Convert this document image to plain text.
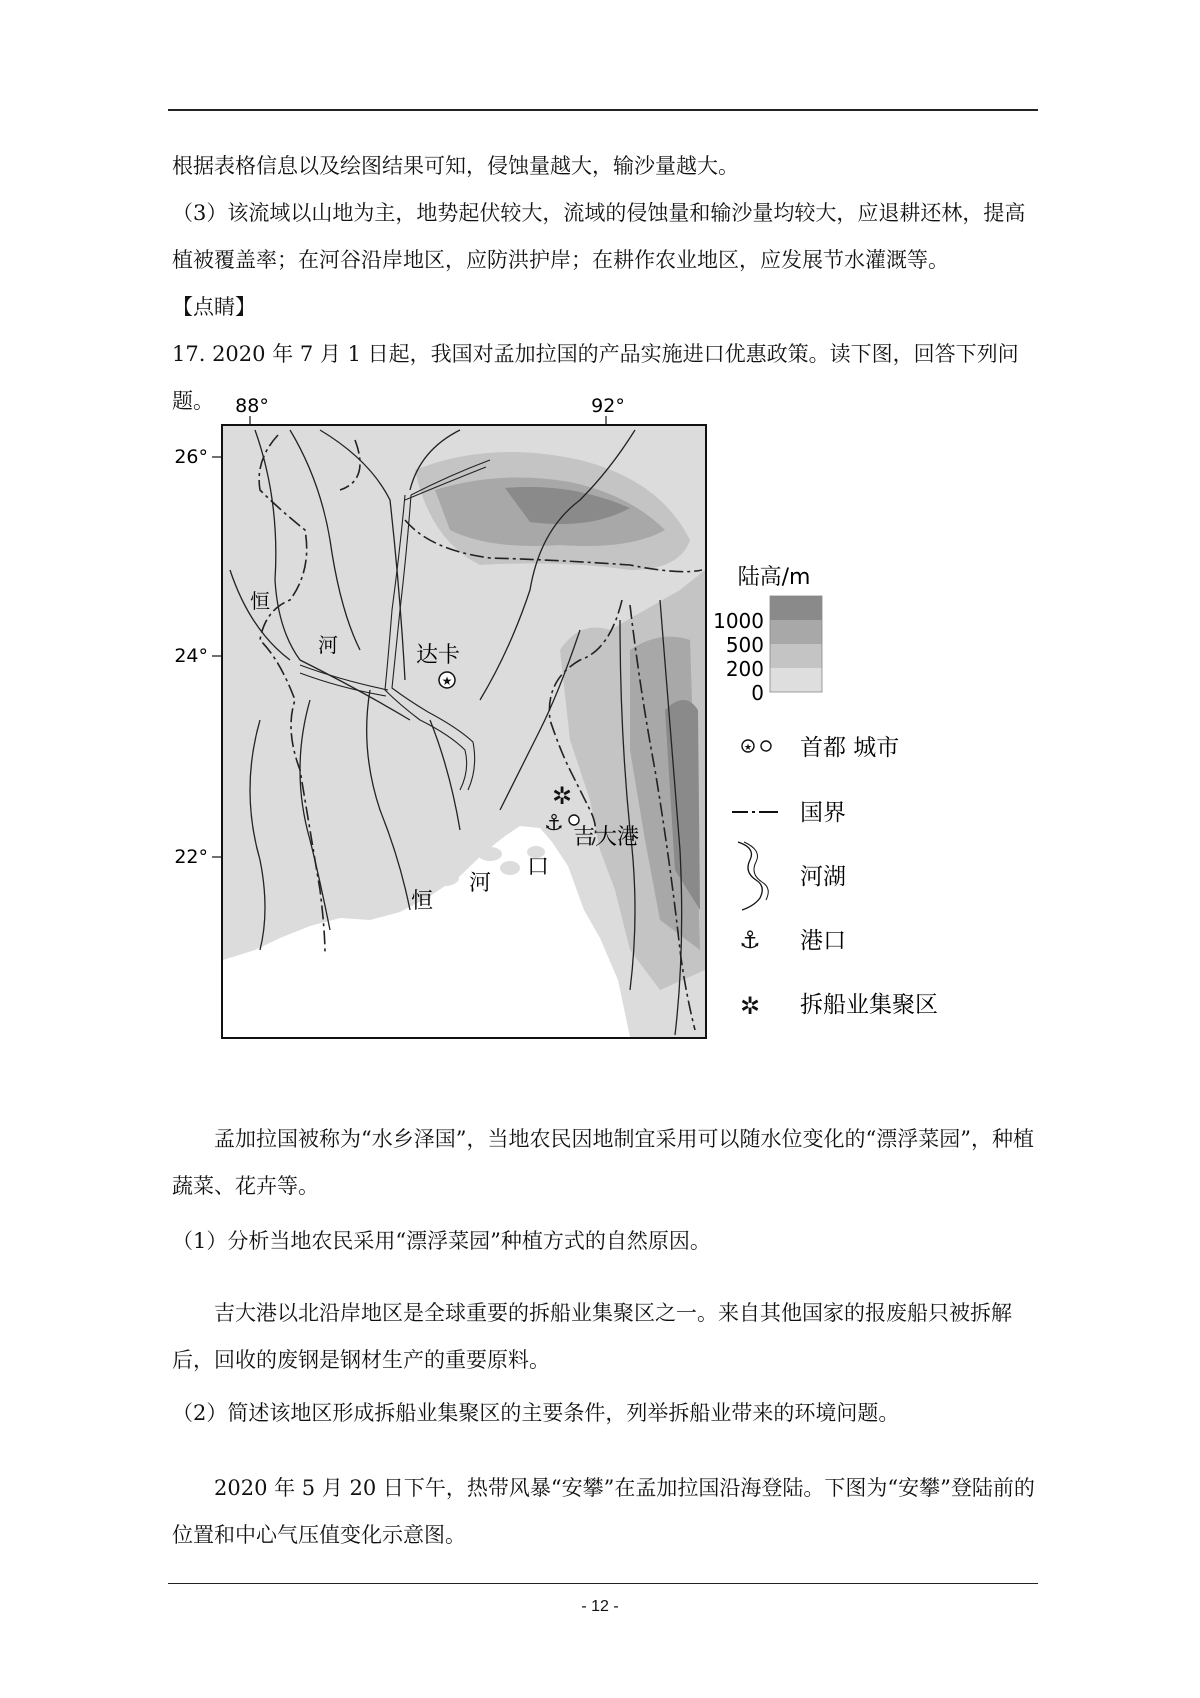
根据表格信息以及绘图结果可知，侵蚀量越大，输沙量越大。

（3）该流域以山地为主，地势起伏较大，流域的侵蚀量和输沙量均较大，应退耕还林，提高植被覆盖率；在河谷沿岸地区，应防洪护岸；在耕作农业地区，应发展节水灌溉等。

【点睛】

17. 2020 年 7 月 1 日起，我国对孟加拉国的产品实施进口优惠政策。读下图，回答下列问题。	88°	92°
26°
24°
22°
★
达卡
✲
⚓
吉大港
恒
河
恒
河
口
陆高/m
1000
500
200
0
★ 首都 城市
国界
河湖
⚓ 港口
✲ 拆船业集聚区

孟加拉国被称为“水乡泽国”，当地农民因地制宜采用可以随水位变化的“漂浮菜园”，种植蔬菜、花卉等。

（1）分析当地农民采用“漂浮菜园”种植方式的自然原因。

吉大港以北沿岸地区是全球重要的拆船业集聚区之一。来自其他国家的报废船只被拆解后，回收的废钢是钢材生产的重要原料。

（2）简述该地区形成拆船业集聚区的主要条件，列举拆船业带来的环境问题。

2020 年 5 月 20 日下午，热带风暴“安攀”在孟加拉国沿海登陆。下图为“安攀”登陆前的位置和中心气压值变化示意图。

- 12 -
